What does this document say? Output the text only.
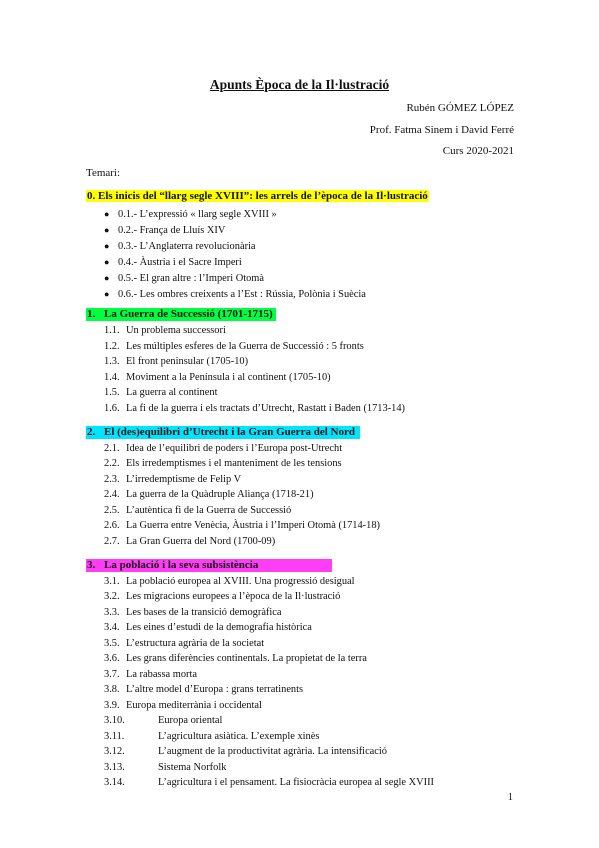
Apunts Època de la Il·lustració
Rubén GÓMEZ LÓPEZ
Prof. Fatma Sinem i David Ferré
Curs 2020-2021
Temari:
0. Els inicis del “llarg segle XVIII”: les arrels de l’època de la Il·lustració
● 0.1.- L’expressió « llarg segle XVIII »
● 0.2.- França de Lluís XIV
● 0.3.- L’Anglaterra revolucionària
● 0.4.- Àustria i el Sacre Imperi
● 0.5.- El gran altre : l’Imperi Otomà
● 0.6.- Les ombres creixents a l’Est : Rússia, Polònia i Suècia
1. La Guerra de Successió (1701-1715)
1.1. Un problema successori
1.2. Les múltiples esferes de la Guerra de Successió : 5 fronts
1.3. El front peninsular (1705-10)
1.4. Moviment a la Península i al continent (1705-10)
1.5. La guerra al continent
1.6. La fi de la guerra i els tractats d’Utrecht, Rastatt i Baden (1713-14)
2. El (des)equilibri d’Utrecht i la Gran Guerra del Nord
2.1. Idea de l’equilibri de poders i l’Europa post-Utrecht
2.2. Els irredemptismes i el manteniment de les tensions
2.3. L’irredemptisme de Felip V
2.4. La guerra de la Quàdruple Aliança (1718-21)
2.5. L’autèntica fi de la Guerra de Successió
2.6. La Guerra entre Venècia, Àustria i l’Imperi Otomà (1714-18)
2.7. La Gran Guerra del Nord (1700-09)
3. La població i la seva subsistència
3.1. La població europea al XVIII. Una progressió desigual
3.2. Les migracions europees a l’època de la Il·lustració
3.3. Les bases de la transició demogràfica
3.4. Les eines d’estudi de la demografia històrica
3.5. L’estructura agrària de la societat
3.6. Les grans diferències continentals. La propietat de la terra
3.7. La rabassa morta
3.8. L’altre model d’Europa : grans terratinents
3.9. Europa mediterrània i occidental
3.10.	Europa oriental
3.11.	L’agricultura asiàtica. L’exemple xinès
3.12.	L’augment de la productivitat agrària. La intensificació
3.13.	Sistema Norfolk
3.14.	L’agricultura i el pensament. La fisiocràcia europea al segle XVIII
1
